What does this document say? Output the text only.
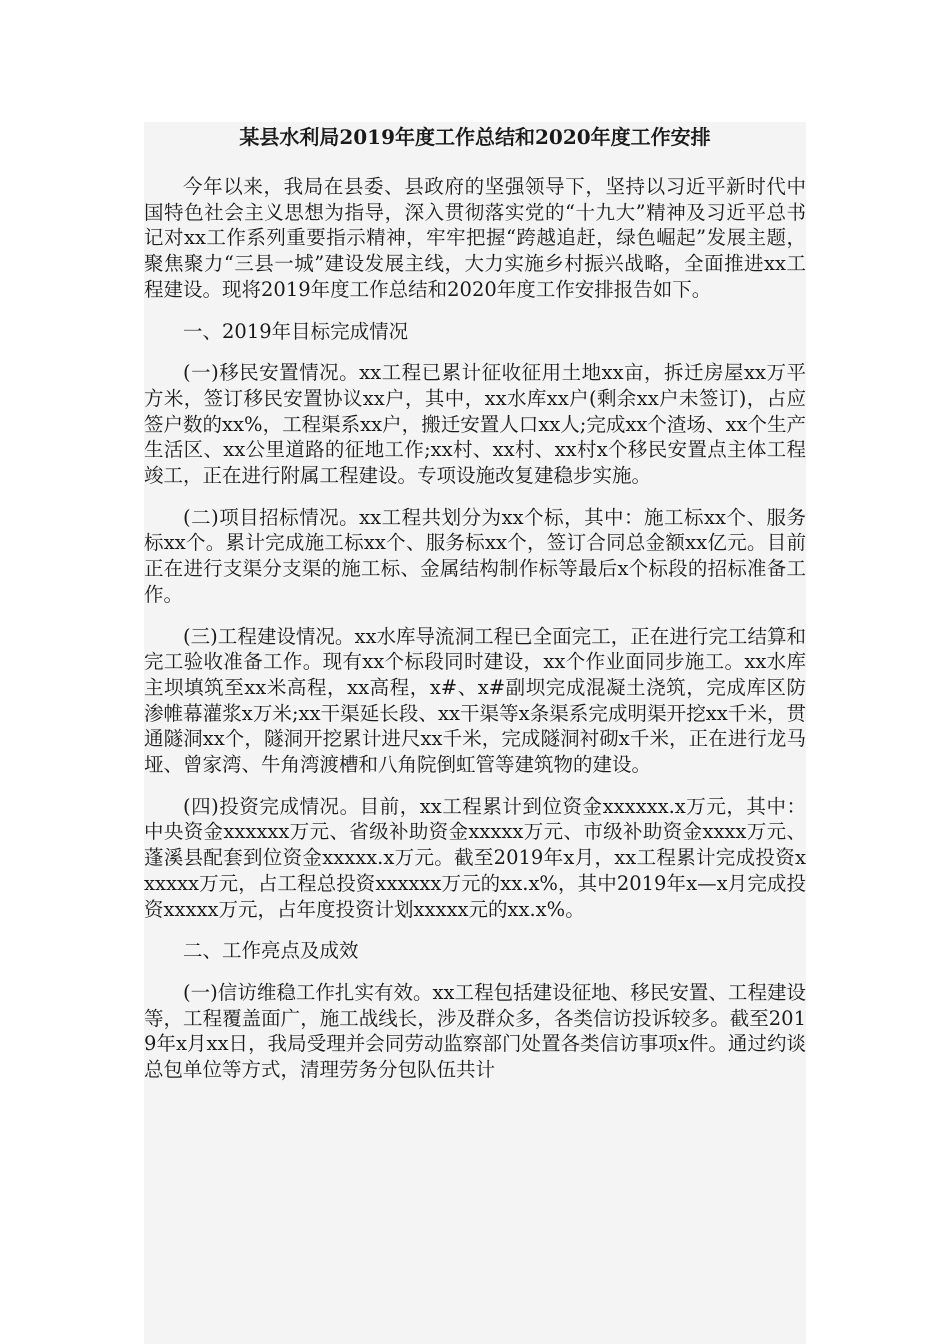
某县水利局2019年度工作总结和2020年度工作安排

今年以来，我局在县委、县政府的坚强领导下，坚持以习近平新时代中国特色社会主义思想为指导，深入贯彻落实党的“十九大”精神及习近平总书记对xx工作系列重要指示精神，牢牢把握“跨越追赶，绿色崛起”发展主题，聚焦聚力“三县一城”建设发展主线，大力实施乡村振兴战略，全面推进xx工程建设。现将2019年度工作总结和2020年度工作安排报告如下。

一、2019年目标完成情况

(一)移民安置情况。xx工程已累计征收征用土地xx亩，拆迁房屋xx万平方米，签订移民安置协议xx户，其中，xx水库xx户(剩余xx户未签订)，占应签户数的xx%，工程渠系xx户，搬迁安置人口xx人;完成xx个渣场、xx个生产生活区、xx公里道路的征地工作;xx村、xx村、xx村x个移民安置点主体工程竣工，正在进行附属工程建设。专项设施改复建稳步实施。

(二)项目招标情况。xx工程共划分为xx个标，其中：施工标xx个、服务标xx个。累计完成施工标xx个、服务标xx个，签订合同总金额xx亿元。目前正在进行支渠分支渠的施工标、金属结构制作标等最后x个标段的招标准备工作。

(三)工程建设情况。xx水库导流洞工程已全面完工，正在进行完工结算和完工验收准备工作。现有xx个标段同时建设，xx个作业面同步施工。xx水库主坝填筑至xx米高程，xx高程，x#、x#副坝完成混凝土浇筑，完成库区防渗帷幕灌浆x万米;xx干渠延长段、xx干渠等x条渠系完成明渠开挖xx千米，贯通隧洞xx个，隧洞开挖累计进尺xx千米，完成隧洞衬砌x千米，正在进行龙马垭、曾家湾、牛角湾渡槽和八角院倒虹管等建筑物的建设。

(四)投资完成情况。目前，xx工程累计到位资金xxxxxx.x万元，其中：中央资金xxxxxx万元、省级补助资金xxxxx万元、市级补助资金xxxx万元、蓬溪县配套到位资金xxxxx.x万元。截至2019年x月，xx工程累计完成投资xxxxxx万元，占工程总投资xxxxxx万元的xx.x%，其中2019年x—x月完成投资xxxxx万元，占年度投资计划xxxxx元的xx.x%。

二、工作亮点及成效

(一)信访维稳工作扎实有效。xx工程包括建设征地、移民安置、工程建设等，工程覆盖面广，施工战线长，涉及群众多，各类信访投诉较多。截至2019年x月xx日，我局受理并会同劳动监察部门处置各类信访事项x件。通过约谈总包单位等方式，清理劳务分包队伍共计
